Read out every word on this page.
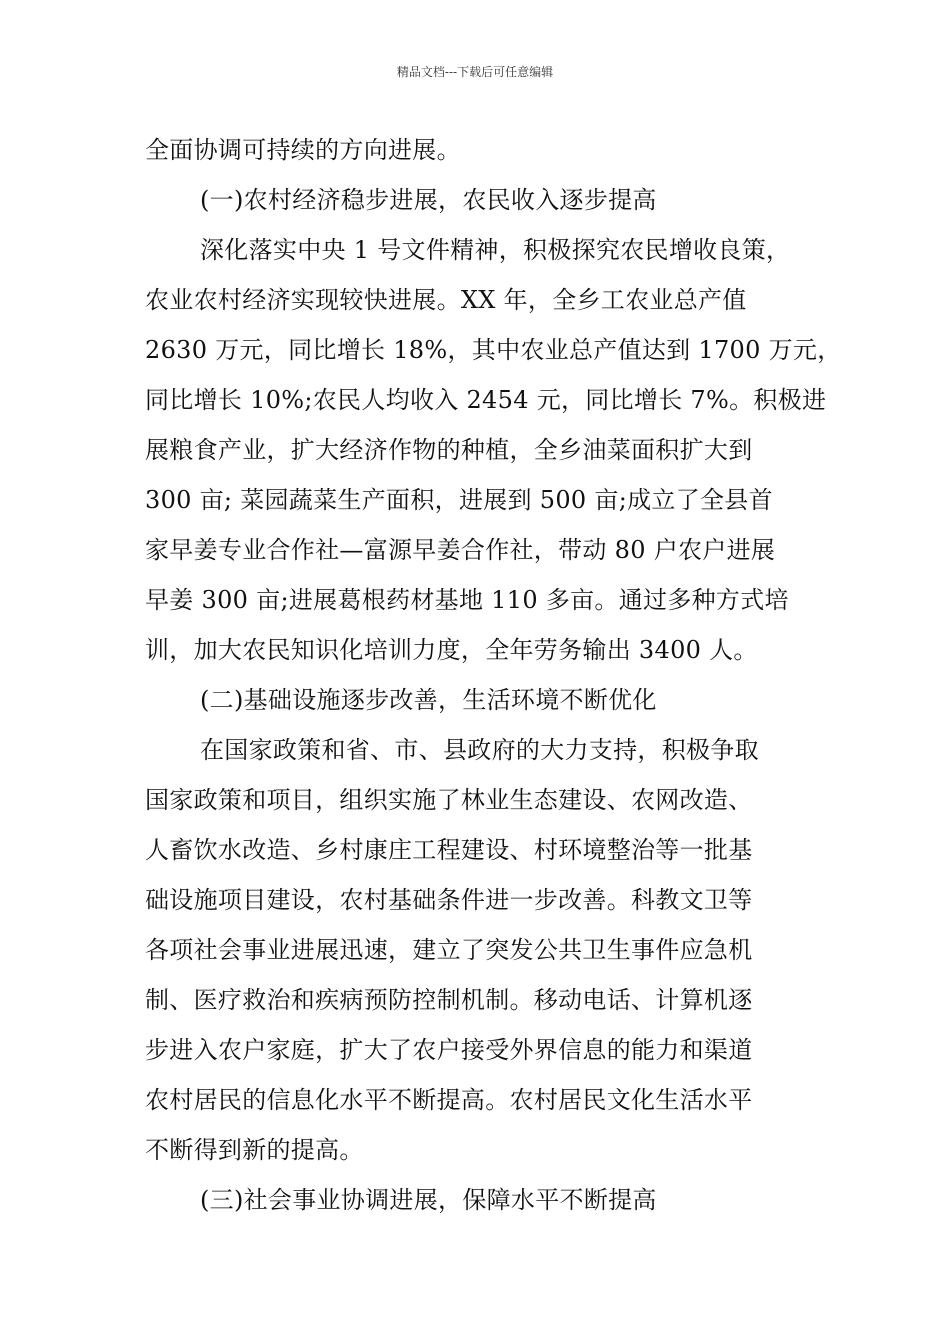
精品文档---下载后可任意编辑
全面协调可持续的方向进展。
(一)农村经济稳步进展，农民收入逐步提高
深化落实中央 1 号文件精神，积极探究农民增收良策，
农业农村经济实现较快进展。XX 年，全乡工农业总产值
2630 万元，同比增长 18%，其中农业总产值达到 1700 万元，
同比增长 10%;农民人均收入 2454 元，同比增长 7%。积极进
展粮食产业，扩大经济作物的种植，全乡油菜面积扩大到
300 亩; 菜园蔬菜生产面积，进展到 500 亩;成立了全县首
家早姜专业合作社—富源早姜合作社，带动 80 户农户进展
早姜 300 亩;进展葛根药材基地 110 多亩。通过多种方式培
训，加大农民知识化培训力度，全年劳务输出 3400 人。
(二)基础设施逐步改善，生活环境不断优化
在国家政策和省、市、县政府的大力支持，积极争取
国家政策和项目，组织实施了林业生态建设、农网改造、
人畜饮水改造、乡村康庄工程建设、村环境整治等一批基
础设施项目建设，农村基础条件进一步改善。科教文卫等
各项社会事业进展迅速，建立了突发公共卫生事件应急机
制、医疗救治和疾病预防控制机制。移动电话、计算机逐
步进入农户家庭，扩大了农户接受外界信息的能力和渠道
农村居民的信息化水平不断提高。农村居民文化生活水平
不断得到新的提高。
(三)社会事业协调进展，保障水平不断提高
